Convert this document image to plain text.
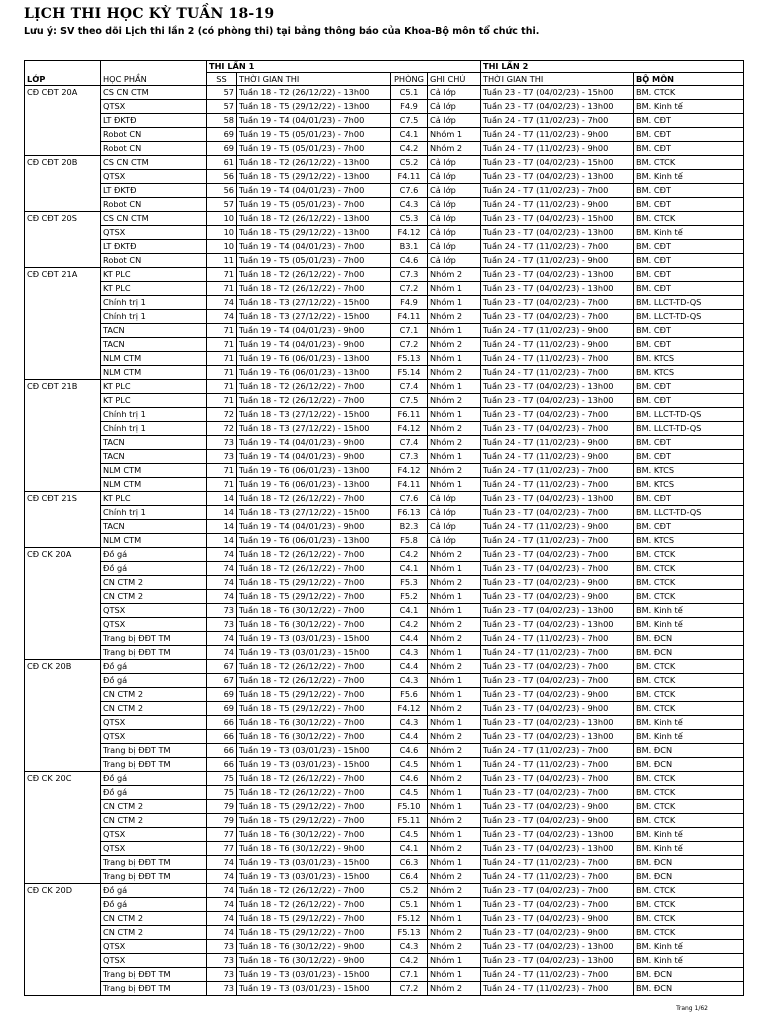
LỊCH THI HỌC KỲ TUẦN 18-19
Lưu ý: SV theo dõi Lịch thi lần 2 (có phòng thi) tại bảng thông báo của Khoa-Bộ môn tổ chức thi.
		THI LẦN 1				THI LẦN 2	
LỚP	HỌC PHẦN	SS	THỜI GIAN THI	PHÒNG	GHI CHÚ	THỜI GIAN THI	BỘ MÔN
CĐ CĐT 20A	CS CN CTM	57	Tuần 18 - T2 (26/12/22) - 13h00	C5.1	Cả lớp	Tuần 23 - T7 (04/02/23) - 15h00	BM. CTCK
	QTSX	57	Tuần 18 - T5 (29/12/22) - 13h00	F4.9	Cả lớp	Tuần 23 - T7 (04/02/23) - 13h00	BM. Kinh tế
	LT ĐKTĐ	58	Tuần 19 - T4 (04/01/23) - 7h00	C7.5	Cả lớp	Tuần 24 - T7 (11/02/23) - 7h00	BM. CĐT
	Robot CN	69	Tuần 19 - T5 (05/01/23) - 7h00	C4.1	Nhóm 1	Tuần 24 - T7 (11/02/23) - 9h00	BM. CĐT
	Robot CN	69	Tuần 19 - T5 (05/01/23) - 7h00	C4.2	Nhóm 2	Tuần 24 - T7 (11/02/23) - 9h00	BM. CĐT
CĐ CĐT 20B	CS CN CTM	61	Tuần 18 - T2 (26/12/22) - 13h00	C5.2	Cả lớp	Tuần 23 - T7 (04/02/23) - 15h00	BM. CTCK
	QTSX	56	Tuần 18 - T5 (29/12/22) - 13h00	F4.11	Cả lớp	Tuần 23 - T7 (04/02/23) - 13h00	BM. Kinh tế
	LT ĐKTĐ	56	Tuần 19 - T4 (04/01/23) - 7h00	C7.6	Cả lớp	Tuần 24 - T7 (11/02/23) - 7h00	BM. CĐT
	Robot CN	57	Tuần 19 - T5 (05/01/23) - 7h00	C4.3	Cả lớp	Tuần 24 - T7 (11/02/23) - 9h00	BM. CĐT
CĐ CĐT 20S	CS CN CTM	10	Tuần 18 - T2 (26/12/22) - 13h00	C5.3	Cả lớp	Tuần 23 - T7 (04/02/23) - 15h00	BM. CTCK
	QTSX	10	Tuần 18 - T5 (29/12/22) - 13h00	F4.12	Cả lớp	Tuần 23 - T7 (04/02/23) - 13h00	BM. Kinh tế
	LT ĐKTĐ	10	Tuần 19 - T4 (04/01/23) - 7h00	B3.1	Cả lớp	Tuần 24 - T7 (11/02/23) - 7h00	BM. CĐT
	Robot CN	11	Tuần 19 - T5 (05/01/23) - 7h00	C4.6	Cả lớp	Tuần 24 - T7 (11/02/23) - 9h00	BM. CĐT
CĐ CĐT 21A	KT PLC	71	Tuần 18 - T2 (26/12/22) - 7h00	C7.3	Nhóm 2	Tuần 23 - T7 (04/02/23) - 13h00	BM. CĐT
	KT PLC	71	Tuần 18 - T2 (26/12/22) - 7h00	C7.2	Nhóm 1	Tuần 23 - T7 (04/02/23) - 13h00	BM. CĐT
	Chính trị 1	74	Tuần 18 - T3 (27/12/22) - 15h00	F4.9	Nhóm 1	Tuần 23 - T7 (04/02/23) - 7h00	BM. LLCT-TD-QS
	Chính trị 1	74	Tuần 18 - T3 (27/12/22) - 15h00	F4.11	Nhóm 2	Tuần 23 - T7 (04/02/23) - 7h00	BM. LLCT-TD-QS
	TACN	71	Tuần 19 - T4 (04/01/23) - 9h00	C7.1	Nhóm 1	Tuần 24 - T7 (11/02/23) - 9h00	BM. CĐT
	TACN	71	Tuần 19 - T4 (04/01/23) - 9h00	C7.2	Nhóm 2	Tuần 24 - T7 (11/02/23) - 9h00	BM. CĐT
	NLM CTM	71	Tuần 19 - T6 (06/01/23) - 13h00	F5.13	Nhóm 1	Tuần 24 - T7 (11/02/23) - 7h00	BM. KTCS
	NLM CTM	71	Tuần 19 - T6 (06/01/23) - 13h00	F5.14	Nhóm 2	Tuần 24 - T7 (11/02/23) - 7h00	BM. KTCS
CĐ CĐT 21B	KT PLC	71	Tuần 18 - T2 (26/12/22) - 7h00	C7.4	Nhóm 1	Tuần 23 - T7 (04/02/23) - 13h00	BM. CĐT
	KT PLC	71	Tuần 18 - T2 (26/12/22) - 7h00	C7.5	Nhóm 2	Tuần 23 - T7 (04/02/23) - 13h00	BM. CĐT
	Chính trị 1	72	Tuần 18 - T3 (27/12/22) - 15h00	F6.11	Nhóm 1	Tuần 23 - T7 (04/02/23) - 7h00	BM. LLCT-TD-QS
	Chính trị 1	72	Tuần 18 - T3 (27/12/22) - 15h00	F4.12	Nhóm 2	Tuần 23 - T7 (04/02/23) - 7h00	BM. LLCT-TD-QS
	TACN	73	Tuần 19 - T4 (04/01/23) - 9h00	C7.4	Nhóm 2	Tuần 24 - T7 (11/02/23) - 9h00	BM. CĐT
	TACN	73	Tuần 19 - T4 (04/01/23) - 9h00	C7.3	Nhóm 1	Tuần 24 - T7 (11/02/23) - 9h00	BM. CĐT
	NLM CTM	71	Tuần 19 - T6 (06/01/23) - 13h00	F4.12	Nhóm 2	Tuần 24 - T7 (11/02/23) - 7h00	BM. KTCS
	NLM CTM	71	Tuần 19 - T6 (06/01/23) - 13h00	F4.11	Nhóm 1	Tuần 24 - T7 (11/02/23) - 7h00	BM. KTCS
CĐ CĐT 21S	KT PLC	14	Tuần 18 - T2 (26/12/22) - 7h00	C7.6	Cả lớp	Tuần 23 - T7 (04/02/23) - 13h00	BM. CĐT
	Chính trị 1	14	Tuần 18 - T3 (27/12/22) - 15h00	F6.13	Cả lớp	Tuần 23 - T7 (04/02/23) - 7h00	BM. LLCT-TD-QS
	TACN	14	Tuần 19 - T4 (04/01/23) - 9h00	B2.3	Cả lớp	Tuần 24 - T7 (11/02/23) - 9h00	BM. CĐT
	NLM CTM	14	Tuần 19 - T6 (06/01/23) - 13h00	F5.8	Cả lớp	Tuần 24 - T7 (11/02/23) - 7h00	BM. KTCS
CĐ CK 20A	Đồ gá	74	Tuần 18 - T2 (26/12/22) - 7h00	C4.2	Nhóm 2	Tuần 23 - T7 (04/02/23) - 7h00	BM. CTCK
	Đồ gá	74	Tuần 18 - T2 (26/12/22) - 7h00	C4.1	Nhóm 1	Tuần 23 - T7 (04/02/23) - 7h00	BM. CTCK
	CN CTM 2	74	Tuần 18 - T5 (29/12/22) - 7h00	F5.3	Nhóm 2	Tuần 23 - T7 (04/02/23) - 9h00	BM. CTCK
	CN CTM 2	74	Tuần 18 - T5 (29/12/22) - 7h00	F5.2	Nhóm 1	Tuần 23 - T7 (04/02/23) - 9h00	BM. CTCK
	QTSX	73	Tuần 18 - T6 (30/12/22) - 7h00	C4.1	Nhóm 1	Tuần 23 - T7 (04/02/23) - 13h00	BM. Kinh tế
	QTSX	73	Tuần 18 - T6 (30/12/22) - 7h00	C4.2	Nhóm 2	Tuần 23 - T7 (04/02/23) - 13h00	BM. Kinh tế
	Trang bị ĐĐT TM	74	Tuần 19 - T3 (03/01/23) - 15h00	C4.4	Nhóm 2	Tuần 24 - T7 (11/02/23) - 7h00	BM. ĐCN
	Trang bị ĐĐT TM	74	Tuần 19 - T3 (03/01/23) - 15h00	C4.3	Nhóm 1	Tuần 24 - T7 (11/02/23) - 7h00	BM. ĐCN
CĐ CK 20B	Đồ gá	67	Tuần 18 - T2 (26/12/22) - 7h00	C4.4	Nhóm 2	Tuần 23 - T7 (04/02/23) - 7h00	BM. CTCK
	Đồ gá	67	Tuần 18 - T2 (26/12/22) - 7h00	C4.3	Nhóm 1	Tuần 23 - T7 (04/02/23) - 7h00	BM. CTCK
	CN CTM 2	69	Tuần 18 - T5 (29/12/22) - 7h00	F5.6	Nhóm 1	Tuần 23 - T7 (04/02/23) - 9h00	BM. CTCK
	CN CTM 2	69	Tuần 18 - T5 (29/12/22) - 7h00	F4.12	Nhóm 2	Tuần 23 - T7 (04/02/23) - 9h00	BM. CTCK
	QTSX	66	Tuần 18 - T6 (30/12/22) - 7h00	C4.3	Nhóm 1	Tuần 23 - T7 (04/02/23) - 13h00	BM. Kinh tế
	QTSX	66	Tuần 18 - T6 (30/12/22) - 7h00	C4.4	Nhóm 2	Tuần 23 - T7 (04/02/23) - 13h00	BM. Kinh tế
	Trang bị ĐĐT TM	66	Tuần 19 - T3 (03/01/23) - 15h00	C4.6	Nhóm 2	Tuần 24 - T7 (11/02/23) - 7h00	BM. ĐCN
	Trang bị ĐĐT TM	66	Tuần 19 - T3 (03/01/23) - 15h00	C4.5	Nhóm 1	Tuần 24 - T7 (11/02/23) - 7h00	BM. ĐCN
CĐ CK 20C	Đồ gá	75	Tuần 18 - T2 (26/12/22) - 7h00	C4.6	Nhóm 2	Tuần 23 - T7 (04/02/23) - 7h00	BM. CTCK
	Đồ gá	75	Tuần 18 - T2 (26/12/22) - 7h00	C4.5	Nhóm 1	Tuần 23 - T7 (04/02/23) - 7h00	BM. CTCK
	CN CTM 2	79	Tuần 18 - T5 (29/12/22) - 7h00	F5.10	Nhóm 1	Tuần 23 - T7 (04/02/23) - 9h00	BM. CTCK
	CN CTM 2	79	Tuần 18 - T5 (29/12/22) - 7h00	F5.11	Nhóm 2	Tuần 23 - T7 (04/02/23) - 9h00	BM. CTCK
	QTSX	77	Tuần 18 - T6 (30/12/22) - 7h00	C4.5	Nhóm 1	Tuần 23 - T7 (04/02/23) - 13h00	BM. Kinh tế
	QTSX	77	Tuần 18 - T6 (30/12/22) - 9h00	C4.1	Nhóm 2	Tuần 23 - T7 (04/02/23) - 13h00	BM. Kinh tế
	Trang bị ĐĐT TM	74	Tuần 19 - T3 (03/01/23) - 15h00	C6.3	Nhóm 1	Tuần 24 - T7 (11/02/23) - 7h00	BM. ĐCN
	Trang bị ĐĐT TM	74	Tuần 19 - T3 (03/01/23) - 15h00	C6.4	Nhóm 2	Tuần 24 - T7 (11/02/23) - 7h00	BM. ĐCN
CĐ CK 20D	Đồ gá	74	Tuần 18 - T2 (26/12/22) - 7h00	C5.2	Nhóm 2	Tuần 23 - T7 (04/02/23) - 7h00	BM. CTCK
	Đồ gá	74	Tuần 18 - T2 (26/12/22) - 7h00	C5.1	Nhóm 1	Tuần 23 - T7 (04/02/23) - 7h00	BM. CTCK
	CN CTM 2	74	Tuần 18 - T5 (29/12/22) - 7h00	F5.12	Nhóm 1	Tuần 23 - T7 (04/02/23) - 9h00	BM. CTCK
	CN CTM 2	74	Tuần 18 - T5 (29/12/22) - 7h00	F5.13	Nhóm 2	Tuần 23 - T7 (04/02/23) - 9h00	BM. CTCK
	QTSX	73	Tuần 18 - T6 (30/12/22) - 9h00	C4.3	Nhóm 2	Tuần 23 - T7 (04/02/23) - 13h00	BM. Kinh tế
	QTSX	73	Tuần 18 - T6 (30/12/22) - 9h00	C4.2	Nhóm 1	Tuần 23 - T7 (04/02/23) - 13h00	BM. Kinh tế
	Trang bị ĐĐT TM	73	Tuần 19 - T3 (03/01/23) - 15h00	C7.1	Nhóm 1	Tuần 24 - T7 (11/02/23) - 7h00	BM. ĐCN
	Trang bị ĐĐT TM	73	Tuần 19 - T3 (03/01/23) - 15h00	C7.2	Nhóm 2	Tuần 24 - T7 (11/02/23) - 7h00	BM. ĐCN
Trang 1/62
